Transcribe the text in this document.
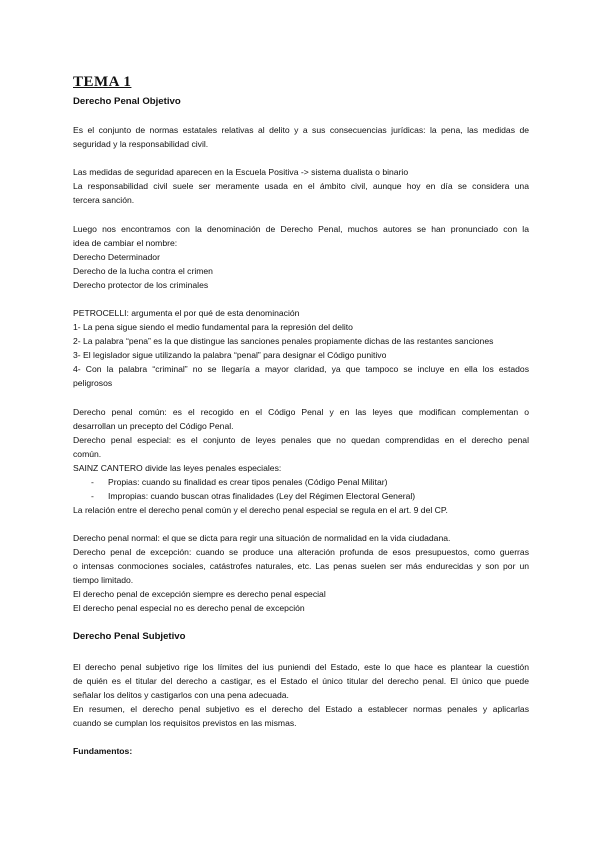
TEMA 1
Derecho Penal Objetivo
Es el conjunto de normas estatales relativas al delito y a sus consecuencias jurídicas: la pena, las medidas de
seguridad y la responsabilidad civil.
Las medidas de seguridad aparecen en la Escuela Positiva -> sistema dualista o binario
La responsabilidad civil suele ser meramente usada en el ámbito civil, aunque hoy en día se considera una
tercera sanción.
Luego nos encontramos con la denominación de Derecho Penal, muchos autores se han pronunciado con la
idea de cambiar el nombre:
Derecho Determinador
Derecho de la lucha contra el crimen
Derecho protector de los criminales
PETROCELLI: argumenta el por qué de esta denominación
1- La pena sigue siendo el medio fundamental para la represión del delito
2- La palabra “pena” es la que distingue las sanciones penales propiamente dichas de las restantes sanciones
3- El legislador sigue utilizando la palabra “penal” para designar el Código punitivo
4- Con la palabra “criminal” no se llegaría a mayor claridad, ya que tampoco se incluye en ella los estados
peligrosos
Derecho penal común: es el recogido en el Código Penal y en las leyes que modifican complementan o
desarrollan un precepto del Código Penal.
Derecho penal especial: es el conjunto de leyes penales que no quedan comprendidas en el derecho penal
común.
SAINZ CANTERO divide las leyes penales especiales:
- Propias: cuando su finalidad es crear tipos penales (Código Penal Militar)
- Impropias: cuando buscan otras finalidades (Ley del Régimen Electoral General)
La relación entre el derecho penal común y el derecho penal especial se regula en el art. 9 del CP.
Derecho penal normal: el que se dicta para regir una situación de normalidad en la vida ciudadana.
Derecho penal de excepción: cuando se produce una alteración profunda de esos presupuestos, como guerras
o intensas conmociones sociales, catástrofes naturales, etc. Las penas suelen ser más endurecidas y son por un
tiempo limitado.
El derecho penal de excepción siempre es derecho penal especial
El derecho penal especial no es derecho penal de excepción
Derecho Penal Subjetivo
El derecho penal subjetivo rige los límites del ius puniendi del Estado, este lo que hace es plantear la cuestión
de quién es el titular del derecho a castigar, es el Estado el único titular del derecho penal. El único que puede
señalar los delitos y castigarlos con una pena adecuada.
En resumen, el derecho penal subjetivo es el derecho del Estado a establecer normas penales y aplicarlas
cuando se cumplan los requisitos previstos en las mismas.
Fundamentos:
